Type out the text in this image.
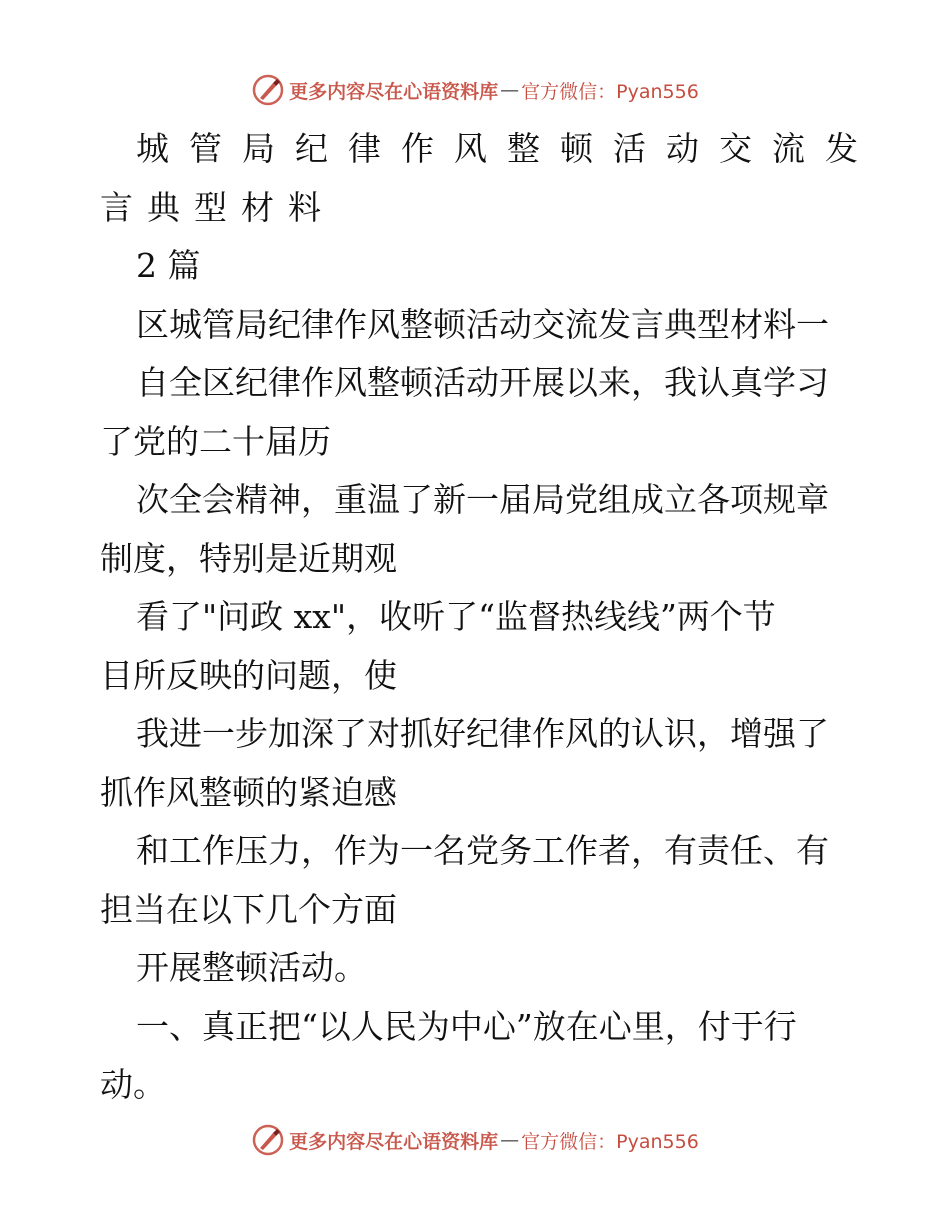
更多内容尽在心语资料库 — 官方微信：Pyan556
城管局纪律作风整顿活动交流发
言典型材料
2 篇
区城管局纪律作风整顿活动交流发言典型材料一
自全区纪律作风整顿活动开展以来，我认真学习
了党的二十届历
次全会精神，重温了新一届局党组成立各项规章
制度，特别是近期观
看了"问政 xx"，收听了“监督热线线”两个节
目所反映的问题，使
我进一步加深了对抓好纪律作风的认识，增强了
抓作风整顿的紧迫感
和工作压力，作为一名党务工作者，有责任、有
担当在以下几个方面
开展整顿活动。
一、真正把“以人民为中心”放在心里，付于行
动。
更多内容尽在心语资料库 — 官方微信：Pyan556
